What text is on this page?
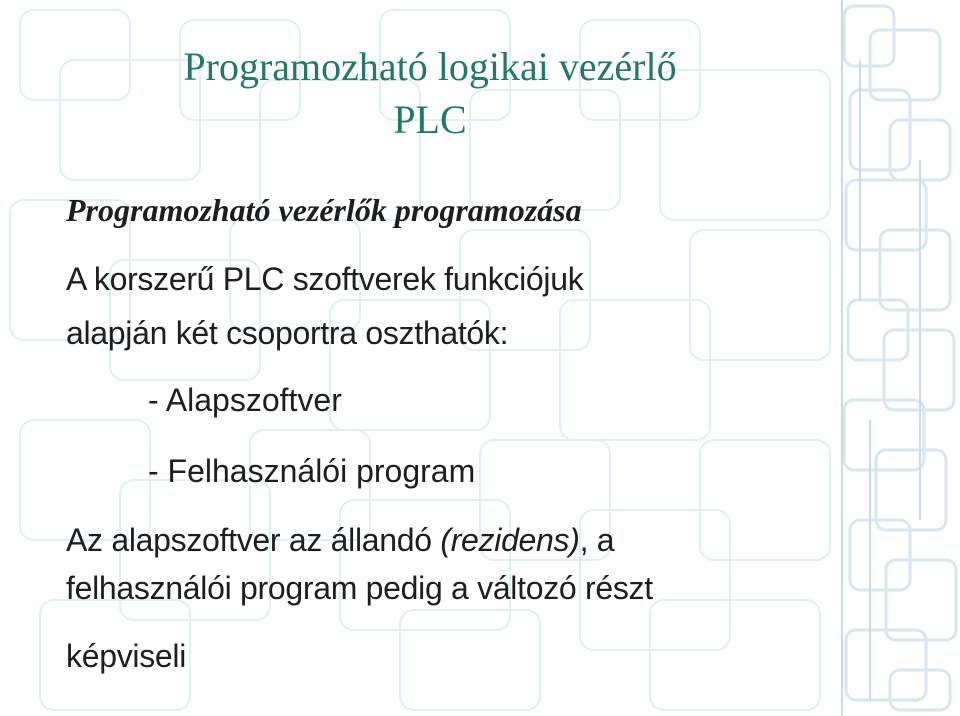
Programozható logikai vezérlő
PLC
Programozható vezérlők programozása
A korszerű PLC szoftverek funkciójuk
alapján két csoportra oszthatók:
- Alapszoftver
- Felhasználói program
Az alapszoftver az állandó (rezidens), a
felhasználói program pedig a változó részt
képviseli
